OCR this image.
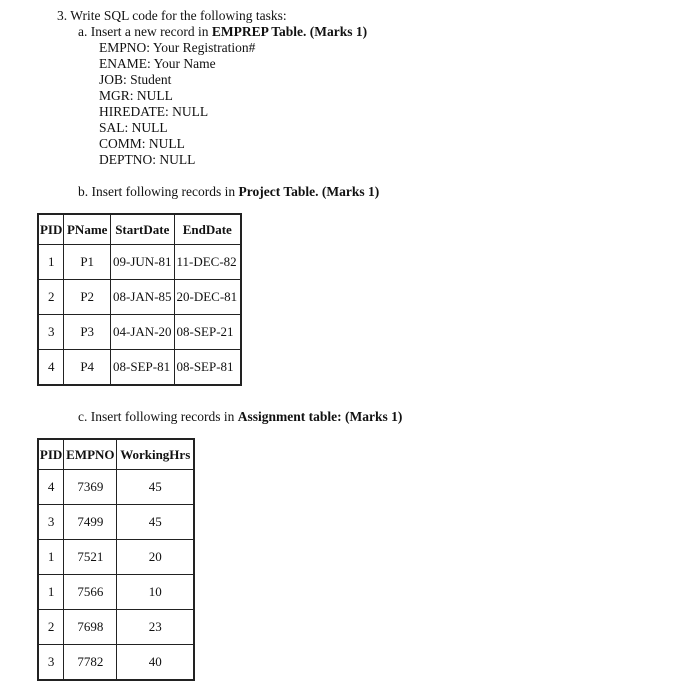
3. Write SQL code for the following tasks:
a. Insert a new record in EMPREP Table. (Marks 1)
EMPNO: Your Registration#
ENAME: Your Name
JOB: Student
MGR: NULL
HIREDATE: NULL
SAL: NULL
COMM: NULL
DEPTNO: NULL
b. Insert following records in Project Table. (Marks 1)
PID	PName	StartDate	EndDate
1	P1	09-JUN-81	11-DEC-82
2	P2	08-JAN-85	20-DEC-81
3	P3	04-JAN-20	08-SEP-21
4	P4	08-SEP-81	08-SEP-81
c. Insert following records in Assignment table: (Marks 1)
PID	EMPNO	WorkingHrs
4	7369	45
3	7499	45
1	7521	20
1	7566	10
2	7698	23
3	7782	40
